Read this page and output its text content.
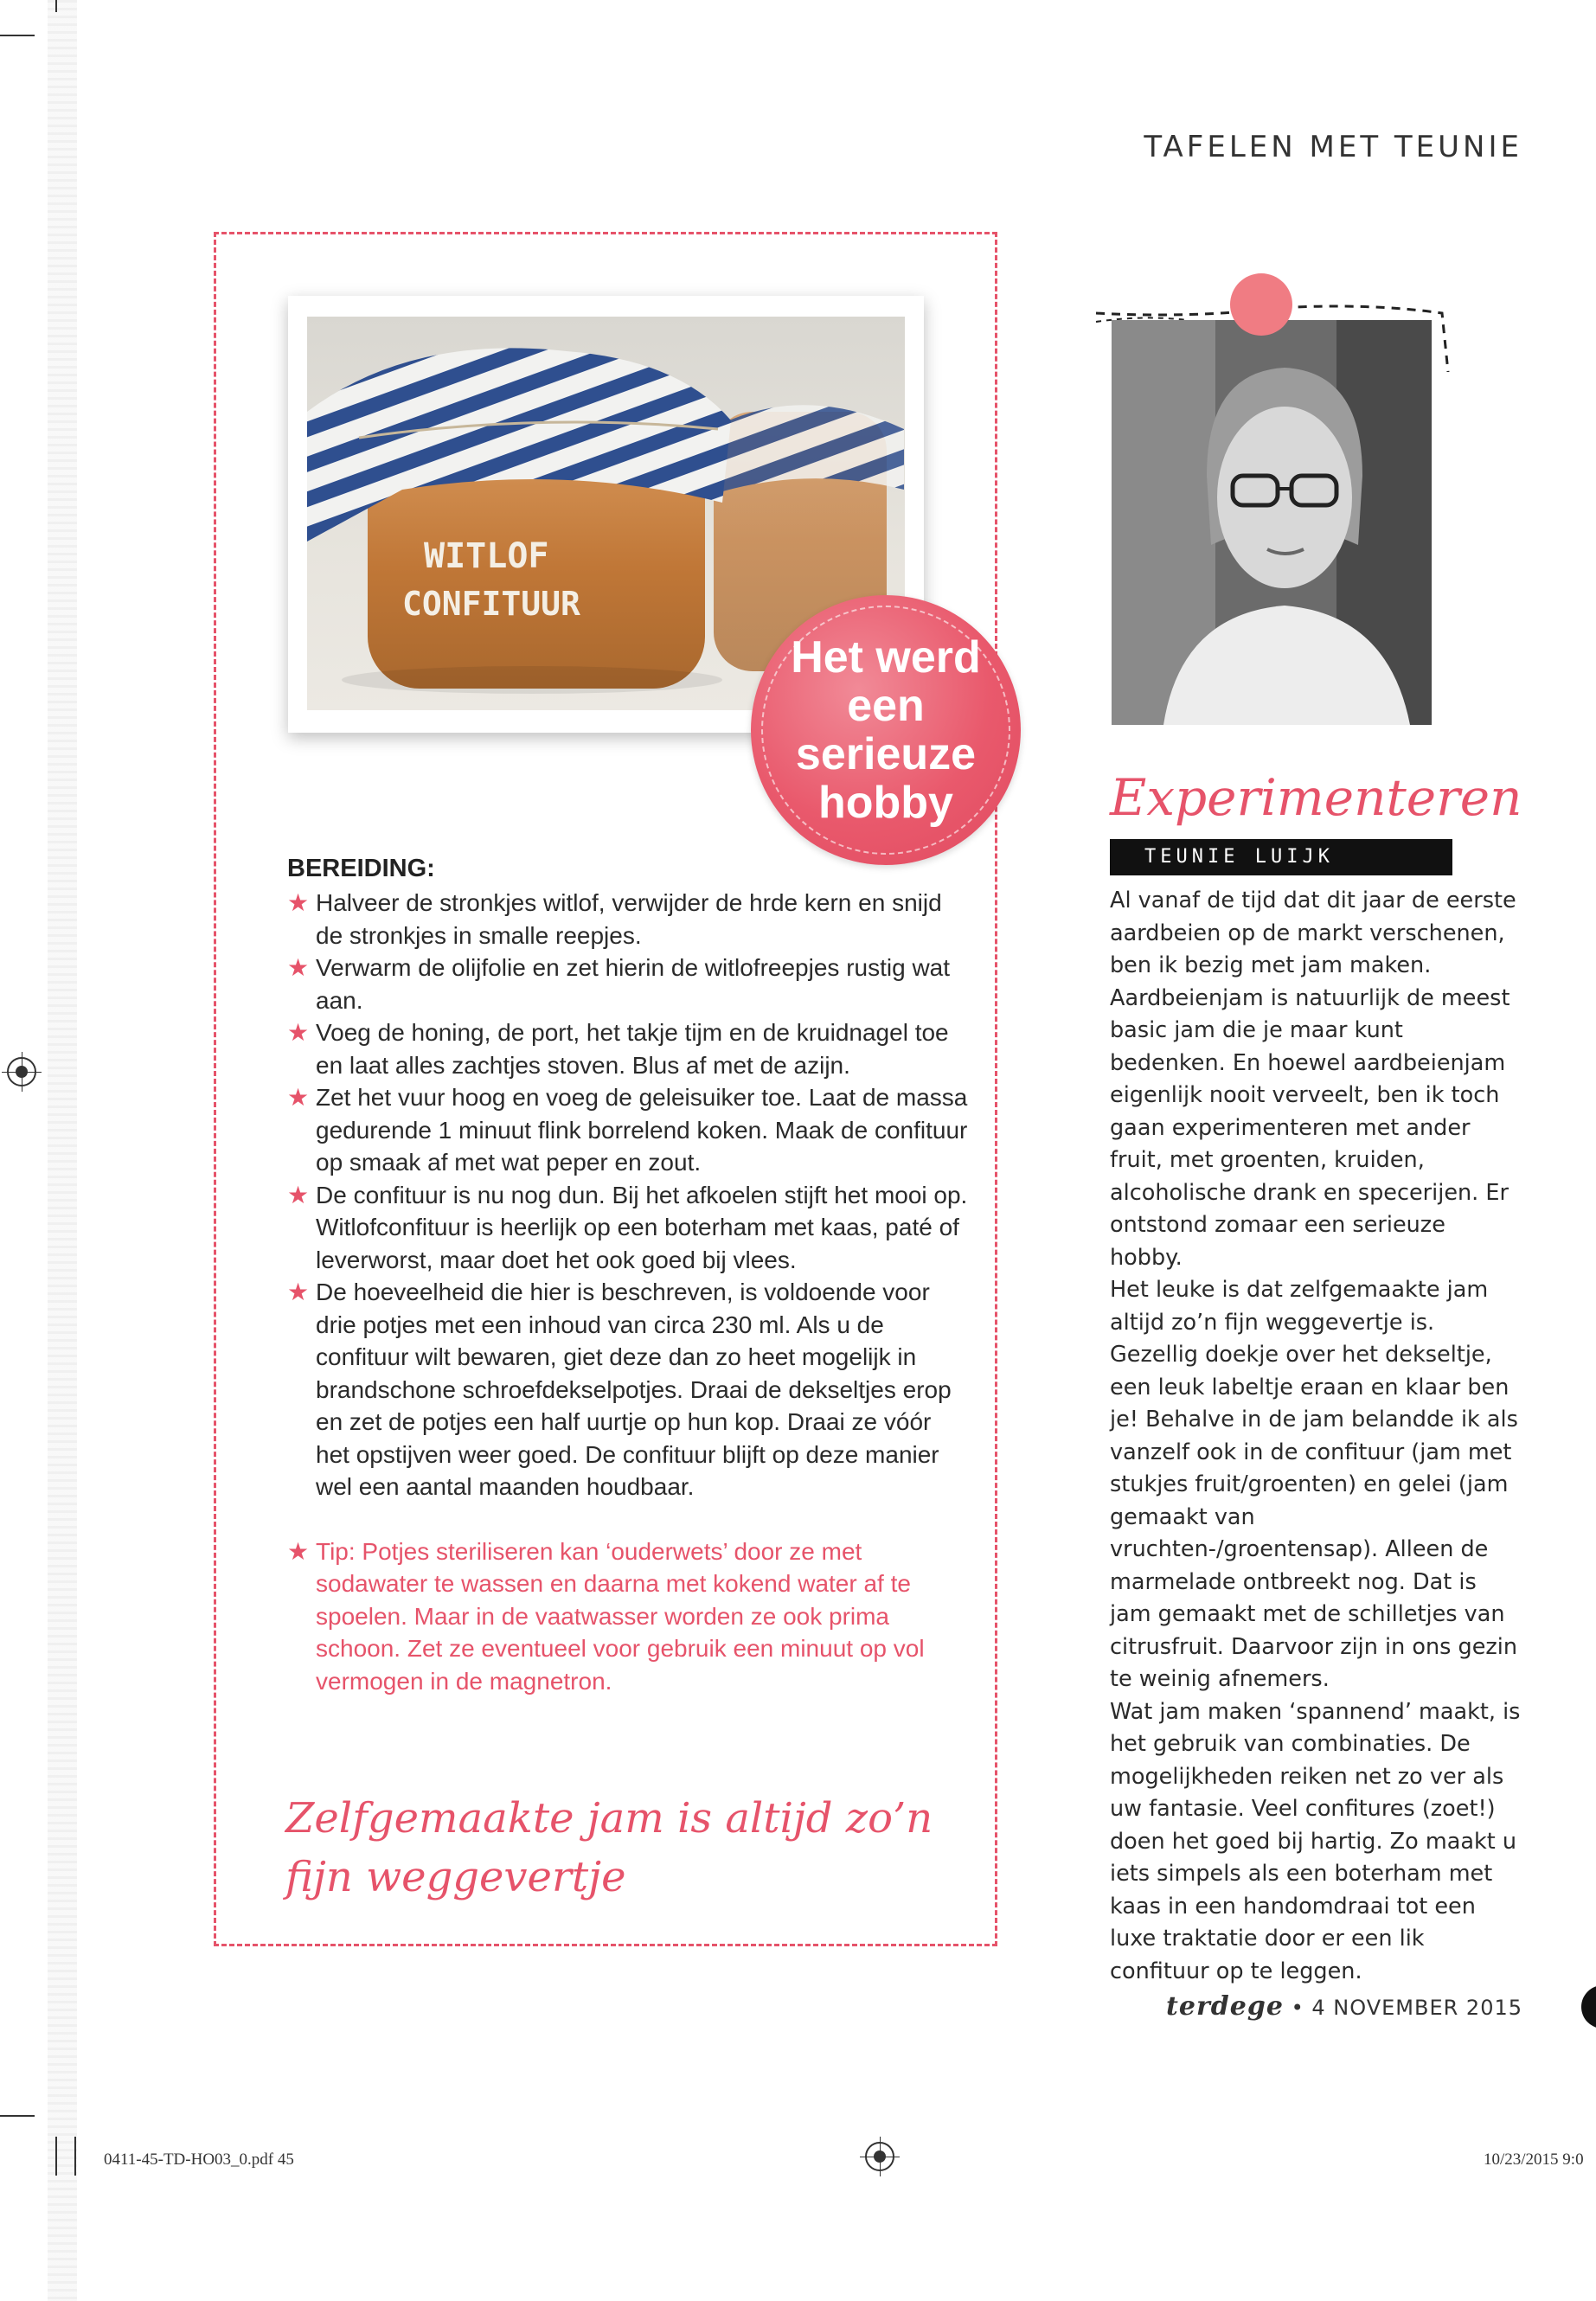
TAFELEN MET TEUNIE
WITLOF
CONFITUUR
Het werd een serieuze hobby
BEREIDING:
★ Halveer de stronkjes witlof, verwijder de hrde kern en snijd de stronkjes in smalle reepjes.
★ Verwarm de olijfolie en zet hierin de witlofreepjes rustig wat aan.
★ Voeg de honing, de port, het takje tijm en de kruidnagel toe en laat alles zachtjes stoven. Blus af met de azijn.
★ Zet het vuur hoog en voeg de geleisuiker toe. Laat de massa gedurende 1 minuut flink borrelend koken. Maak de confituur op smaak af met wat peper en zout.
★ De confituur is nu nog dun. Bij het afkoelen stijft het mooi op. Witlofconfituur is heerlijk op een boterham met kaas, paté of leverworst, maar doet het ook goed bij vlees.
★ De hoeveelheid die hier is beschreven, is voldoende voor drie potjes met een inhoud van circa 230 ml. Als u de confituur wilt bewaren, giet deze dan zo heet mogelijk in brandschone schroefdekselpotjes. Draai de dekseltjes erop en zet de potjes een half uurtje op hun kop. Draai ze vóór het opstijven weer goed. De confituur blijft op deze manier wel een aantal maanden houdbaar.
★ Tip: Potjes steriliseren kan ‘ouderwets’ door ze met sodawater te wassen en daarna met kokend water af te spoelen. Maar in de vaatwasser worden ze ook prima schoon. Zet ze eventueel voor gebruik een minuut op vol vermogen in de magnetron.
Zelfgemaakte jam is altijd zo’n fijn weggevertje
Experimenteren
TEUNIE LUIJK

Al vanaf de tijd dat dit jaar de eerste aardbeien op de markt verschenen, ben ik bezig met jam maken. Aardbeienjam is natuurlijk de meest basic jam die je maar kunt bedenken. En hoewel aardbeienjam eigenlijk nooit verveelt, ben ik toch gaan experimenteren met ander fruit, met groenten, kruiden, alcoholische drank en specerijen. Er ontstond zomaar een serieuze hobby.
Het leuke is dat zelfgemaakte jam altijd zo’n fijn weggevertje is. Gezellig doekje over het dekseltje, een leuk labeltje eraan en klaar ben je! Behalve in de jam belandde ik als vanzelf ook in de confituur (jam met stukjes fruit/groenten) en gelei (jam gemaakt van vruchten-/groentensap). Alleen de marmelade ontbreekt nog. Dat is jam gemaakt met de schilletjes van citrusfruit. Daarvoor zijn in ons gezin te weinig afnemers.
Wat jam maken ‘spannend’ maakt, is het gebruik van combinaties. De mogelijkheden reiken net zo ver als uw fantasie. Veel confitures (zoet!) doen het goed bij hartig. Zo maakt u iets simpels als een boterham met kaas in een handomdraai tot een luxe traktatie door er een lik confituur op te leggen.

terdege • 4 NOVEMBER 2015
0411-45-TD-HO03_0.pdf 45	10/23/2015 9:0
